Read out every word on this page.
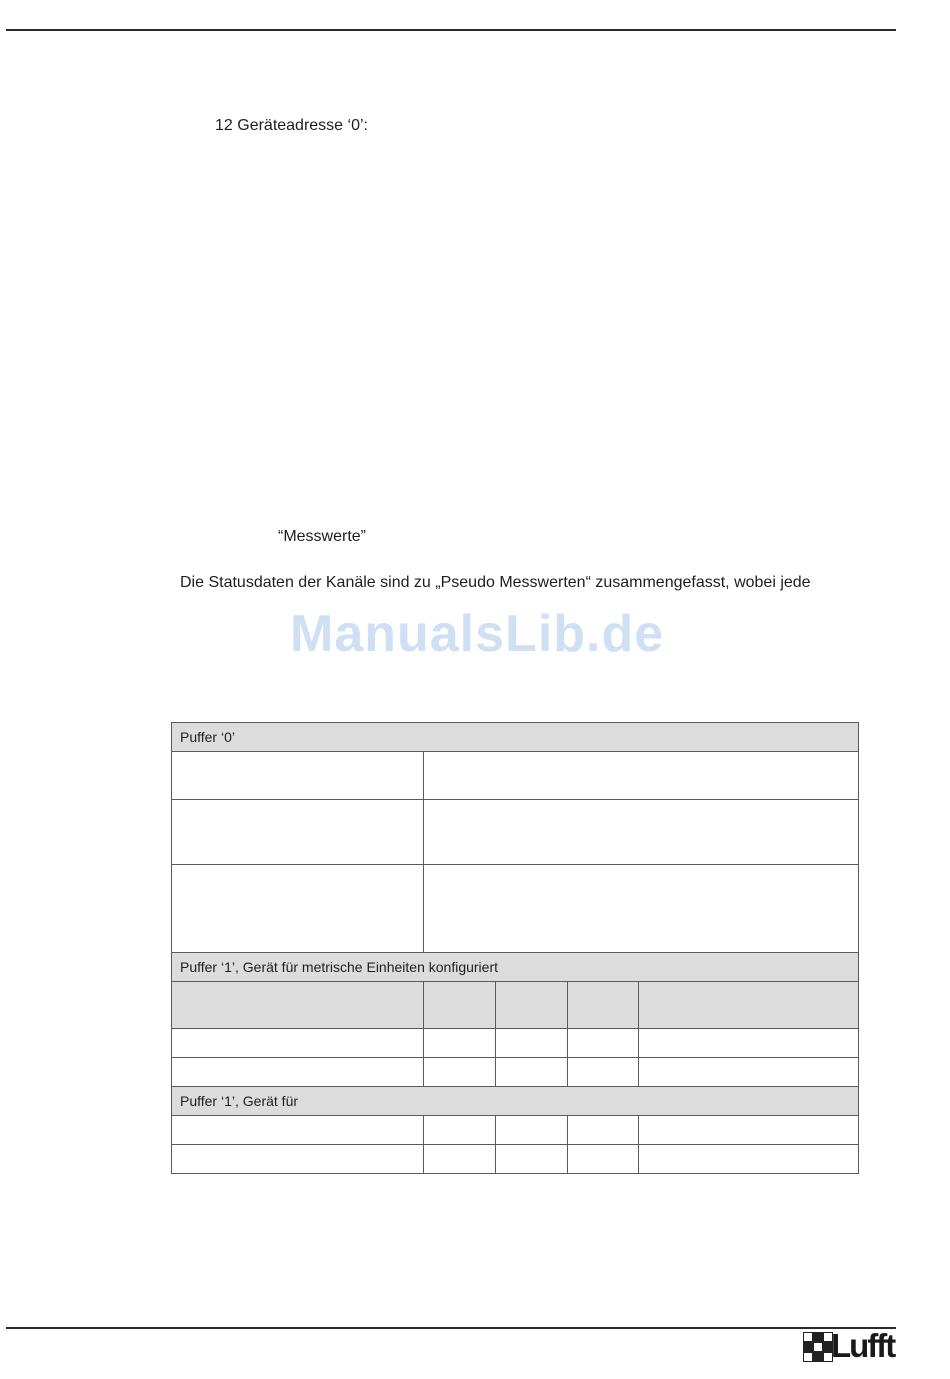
12 Geräteadresse ‘0’:
“Messwerte”
Die Statusdaten der Kanäle sind zu „Pseudo Messwerten“ zusammengefasst, wobei jede
ManualsLib.de
Puffer ‘0’				

Puffer ‘1’, Gerät für metrische Einheiten konfiguriert				

Puffer ‘1’, Gerät für				

Lufft
